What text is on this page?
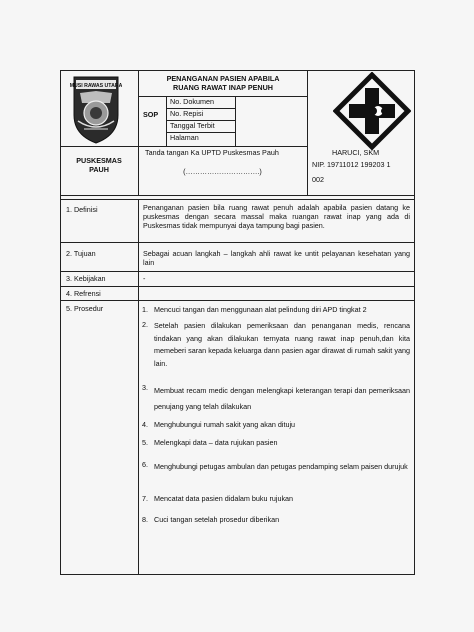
MUSI RAWAS UTARA
PENANGANAN PASIEN APABILA
RUANG RAWAT INAP PENUH
SOP
No. Dokumen
No. Repisi
Tanggal Terbit
Halaman
PUSKESMAS
PAUH
Tanda tangan Ka UPTD Puskesmas Pauh
(………………………….)
HARUCI, SKM
NIP. 19711012 199203 1
002
1. Definisi	Penanganan pasien bila ruang rawat penuh adalah apabila pasien datang ke puskesmas dengan secara massal maka ruangan rawat inap yang ada di Puskesmas tidak mempunyai daya tampung bagi pasien.
2. Tujuan	Sebagai acuan langkah – langkah ahli rawat ke untit pelayanan kesehatan yang lain
3. Kebijakan	-
4. Refrensi
5. Prosedur	1. Mencuci tangan dan menggunaan alat pelindung diri APD tingkat 2
2. Setelah pasien dilakukan pemeriksaan dan penanganan medis, rencana tindakan yang akan dilakukan ternyata ruang rawat inap penuh,dan kita memeberi saran kepada keluarga dann pasien agar dirawat di rumah sakit yang lain.
3. Membuat recam medic dengan melengkapi keterangan terapi dan pemeriksaan penujang yang telah dilakukan
4. Menghubungui rumah sakit yang akan dituju
5. Melengkapi data – data rujukan pasien
6. Menghubungi petugas ambulan dan petugas pendamping selam paisen durujuk
7. Mencatat data pasien didalam buku rujukan
8. Cuci tangan setelah prosedur diberikan
